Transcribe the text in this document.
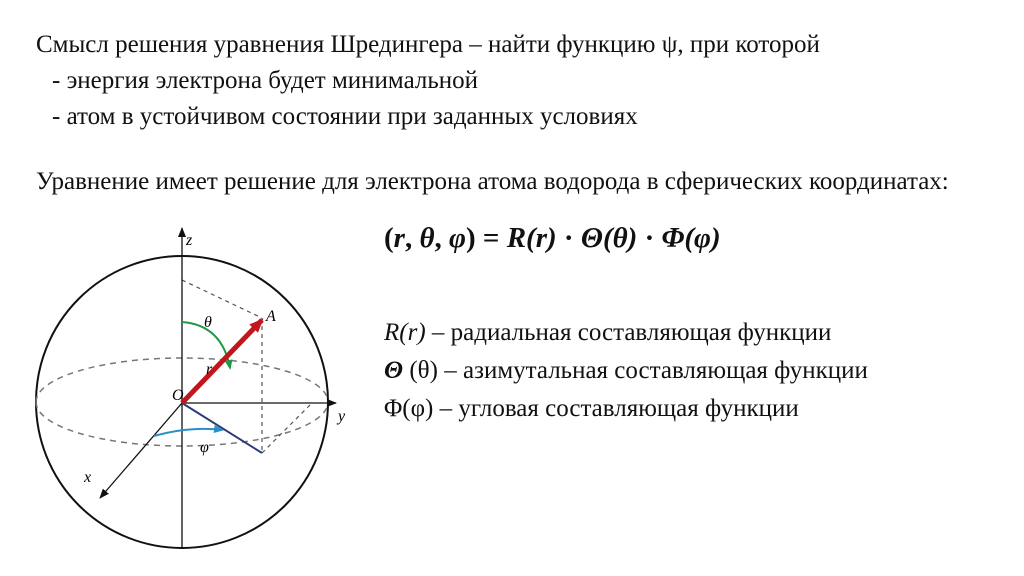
Смысл решения уравнения Шредингера – найти функцию ψ, при которой
- энергия электрона будет минимальной
- атом в устойчивом состоянии при заданных условиях
Уравнение имеет решение для электрона атома водорода в сферических координатах:
(r, θ, φ) = R(r) · Θ(θ) · Φ(φ)
R(r) – радиальная составляющая функции
Θ (θ) – азимутальная составляющая функции
Φ(φ) – угловая составляющая функции
z
y
x
O
A
θ
φ
r
